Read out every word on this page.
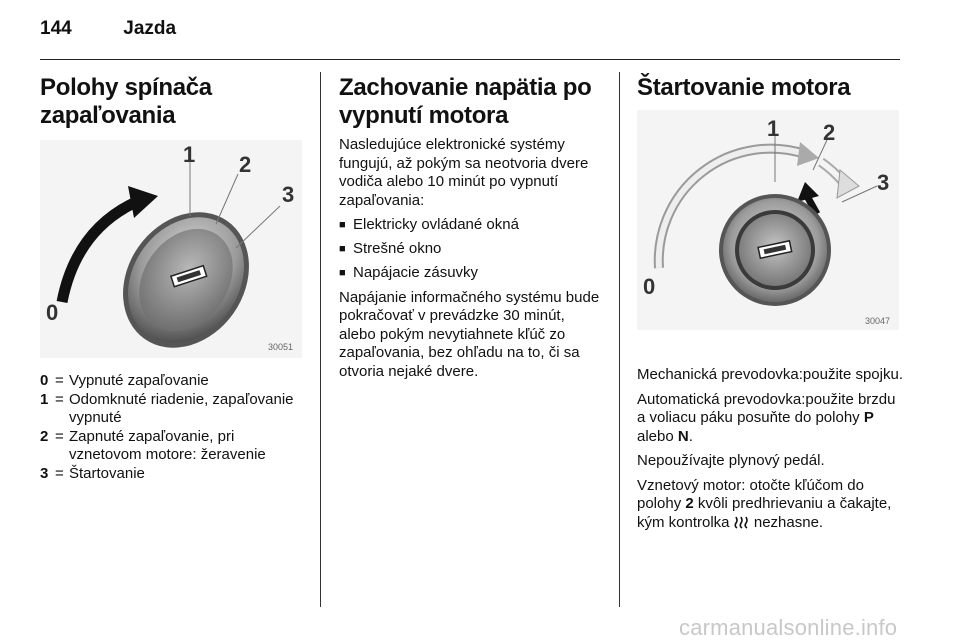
144	Jazda
Polohy spínača zapaľovania
1 2
3
0
30051
0 = Vypnuté zapaľovanie
1 = Odomknuté riadenie, zapaľovanie vypnuté
2 = Zapnuté zapaľovanie, pri vznetovom motore: žeravenie
3 = Štartovanie
Zachovanie napätia po vypnutí motora

Nasledujúce elektronické systémy fungujú, až pokým sa neotvoria dvere vodiča alebo 10 minút po vypnutí zapaľovania:

■ Elektricky ovládané okná
■ Strešné okno
■ Napájacie zásuvky

Napájanie informačného systému bude pokračovať v prevádzke 30 minút, alebo pokým nevytiahnete kľúč zo zapaľovania, bez ohľadu na to, či sa otvoria nejaké dvere.

Štartovanie motora
1 2
3
0
30047

Mechanická prevodovka:použite spojku.

Automatická prevodovka:použite brzdu a voliacu páku posuňte do polohy P alebo N.

Nepoužívajte plynový pedál.

Vznetový motor: otočte kľúčom do polohy 2 kvôli predhrievaniu a čakajte, kým kontrolka  nezhasne.

carmanualsonline.info
